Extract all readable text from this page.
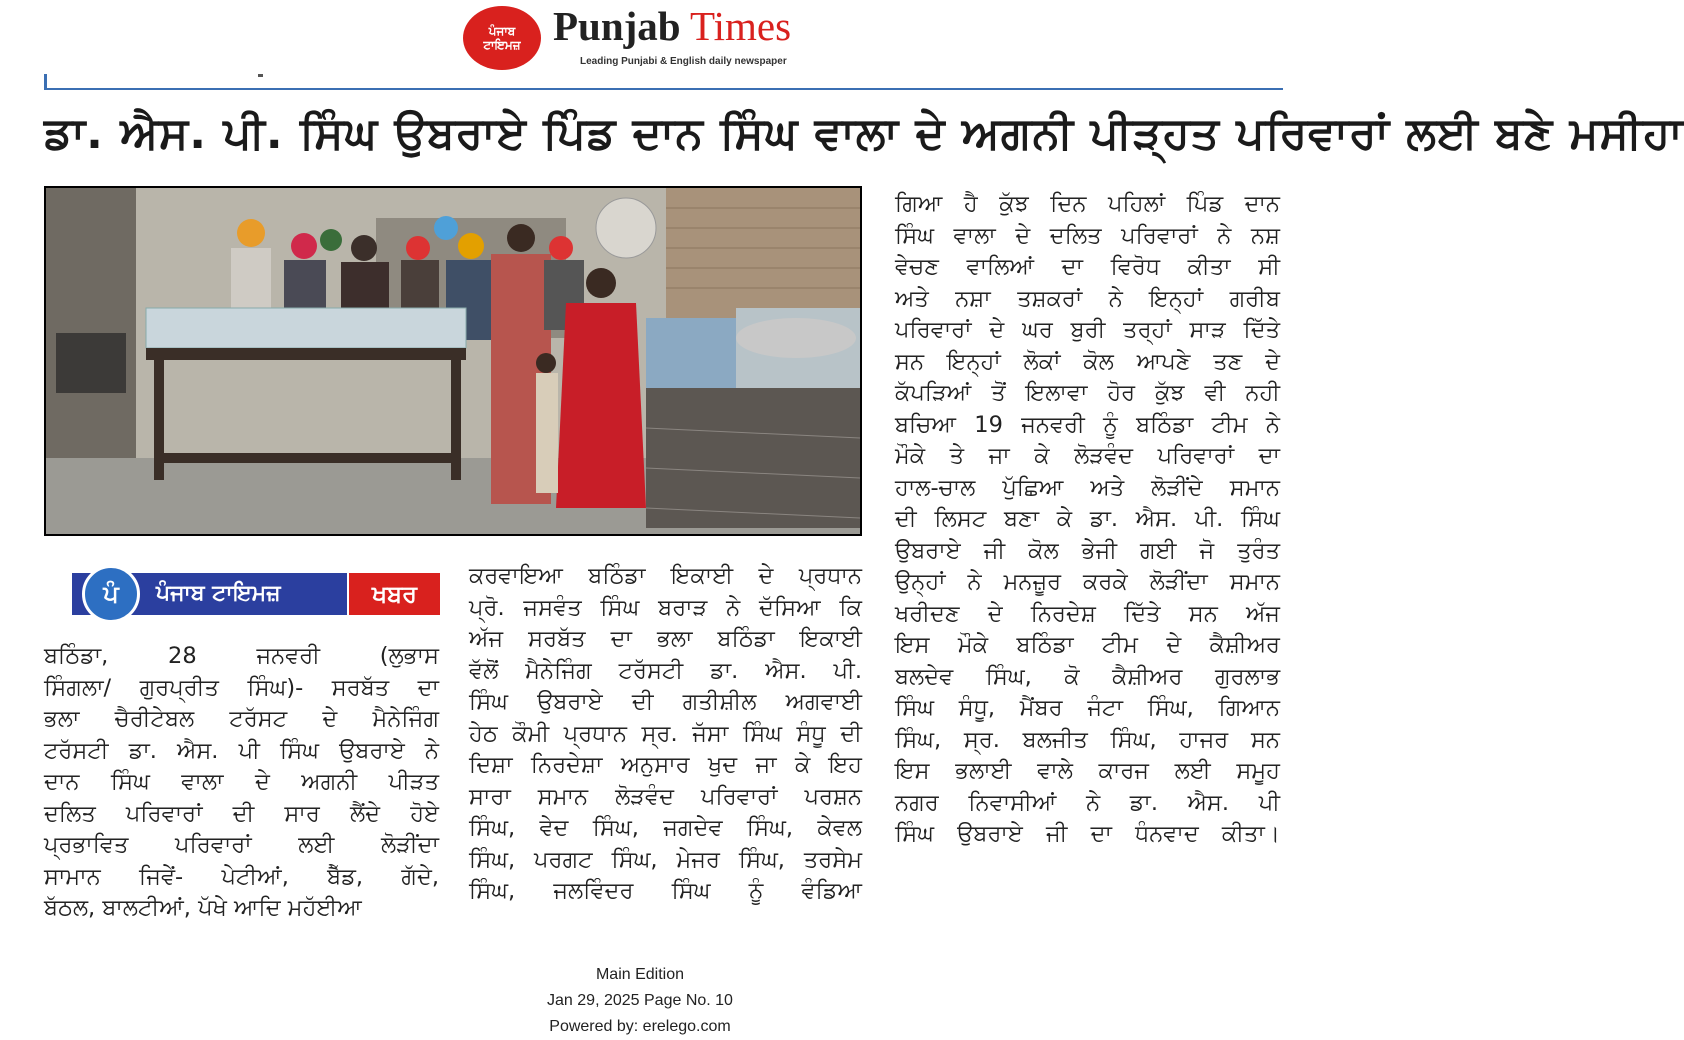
ਪੰਜਾਬ
ਟਾਇਮਜ਼ Punjab Times
Leading Punjabi & English daily newspaper
ਡਾ. ਐਸ. ਪੀ. ਸਿੰਘ ਉਬਰਾਏ ਪਿੰਡ ਦਾਨ ਸਿੰਘ ਵਾਲਾ ਦੇ ਅਗਨੀ ਪੀੜ੍ਹਤ ਪਰਿਵਾਰਾਂ ਲਈ ਬਣੇ ਮਸੀਹਾ
ਪੰ	ਪੰਜਾਬ ਟਾਇਮਜ਼	ਖਬਰ
ਬਠਿੰਡਾ, 28 ਜਨਵਰੀ (ਲੁਭਾਸ
ਸਿੰਗਲਾ/ ਗੁਰਪ੍ਰੀਤ ਸਿੰਘ)- ਸਰਬੱਤ ਦਾ
ਭਲਾ ਚੈਰੀਟੇਬਲ ਟਰੱਸਟ ਦੇ ਮੈਨੇਜਿੰਗ
ਟਰੱਸਟੀ ਡਾ. ਐਸ. ਪੀ ਸਿੰਘ ਉਬਰਾਏ ਨੇ
ਦਾਨ ਸਿੰਘ ਵਾਲਾ ਦੇ ਅਗਨੀ ਪੀੜਤ
ਦਲਿਤ ਪਰਿਵਾਰਾਂ ਦੀ ਸਾਰ ਲੈਂਦੇ ਹੋਏ
ਪ੍ਰਭਾਵਿਤ ਪਰਿਵਾਰਾਂ ਲਈ ਲੋੜੀਂਦਾ
ਸਾਮਾਨ ਜਿਵੇਂ- ਪੇਟੀਆਂ, ਬੈੱਡ, ਗੱਦੇ,
ਬੱਠਲ, ਬਾਲਟੀਆਂ, ਪੱਖੇ ਆਦਿ ਮਹੱਈਆ
ਕਰਵਾਇਆ ਬਠਿੰਡਾ ਇਕਾਈ ਦੇ ਪ੍ਰਧਾਨ
ਪ੍ਰੋ. ਜਸਵੰਤ ਸਿੰਘ ਬਰਾੜ ਨੇ ਦੱਸਿਆ ਕਿ
ਅੱਜ ਸਰਬੱਤ ਦਾ ਭਲਾ ਬਠਿੰਡਾ ਇਕਾਈ
ਵੱਲੋਂ ਮੈਨੇਜਿੰਗ ਟਰੱਸਟੀ ਡਾ. ਐਸ. ਪੀ.
ਸਿੰਘ ਉਬਰਾਏ ਦੀ ਗਤੀਸ਼ੀਲ ਅਗਵਾਈ
ਹੇਠ ਕੌਮੀ ਪ੍ਰਧਾਨ ਸ੍ਰ. ਜੱਸਾ ਸਿੰਘ ਸੰਧੂ ਦੀ
ਦਿਸ਼ਾ ਨਿਰਦੇਸ਼ਾ ਅਨੁਸਾਰ ਖੁਦ ਜਾ ਕੇ ਇਹ
ਸਾਰਾ ਸਮਾਨ ਲੋੜਵੰਦ ਪਰਿਵਾਰਾਂ ਪਰਸ਼ਨ
ਸਿੰਘ, ਵੇਦ ਸਿੰਘ, ਜਗਦੇਵ ਸਿੰਘ, ਕੇਵਲ
ਸਿੰਘ, ਪਰਗਟ ਸਿੰਘ, ਮੇਜਰ ਸਿੰਘ, ਤਰਸੇਮ
ਸਿੰਘ, ਜਲਵਿੰਦਰ ਸਿੰਘ ਨੂੰ ਵੰਡਿਆ
ਗਿਆ ਹੈ ਕੁੱਝ ਦਿਨ ਪਹਿਲਾਂ ਪਿੰਡ ਦਾਨ
ਸਿੰਘ ਵਾਲਾ ਦੇ ਦਲਿਤ ਪਰਿਵਾਰਾਂ ਨੇ ਨਸ਼
ਵੇਚਣ ਵਾਲਿਆਂ ਦਾ ਵਿਰੋਧ ਕੀਤਾ ਸੀ
ਅਤੇ ਨਸ਼ਾ ਤਸ਼ਕਰਾਂ ਨੇ ਇਨ੍ਹਾਂ ਗਰੀਬ
ਪਰਿਵਾਰਾਂ ਦੇ ਘਰ ਬੁਰੀ ਤਰ੍ਹਾਂ ਸਾੜ ਦਿੱਤੇ
ਸਨ ਇਨ੍ਹਾਂ ਲੋਕਾਂ ਕੋਲ ਆਪਣੇ ਤਣ ਦੇ
ਕੱਪੜਿਆਂ ਤੋਂ ਇਲਾਵਾ ਹੋਰ ਕੁੱਝ ਵੀ ਨਹੀ
ਬਚਿਆ 19 ਜਨਵਰੀ ਨੂੰ ਬਠਿੰਡਾ ਟੀਮ ਨੇ
ਮੌਕੇ ਤੇ ਜਾ ਕੇ ਲੋੜਵੰਦ ਪਰਿਵਾਰਾਂ ਦਾ
ਹਾਲ-ਚਾਲ ਪੁੱਛਿਆ ਅਤੇ ਲੋੜੀਂਦੇ ਸਮਾਨ
ਦੀ ਲਿਸਟ ਬਣਾ ਕੇ ਡਾ. ਐਸ. ਪੀ. ਸਿੰਘ
ਉਬਰਾਏ ਜੀ ਕੋਲ ਭੇਜੀ ਗਈ ਜੋ ਤੁਰੰਤ
ਉਨ੍ਹਾਂ ਨੇ ਮਨਜ਼ੂਰ ਕਰਕੇ ਲੋੜੀਂਦਾ ਸਮਾਨ
ਖਰੀਦਣ ਦੇ ਨਿਰਦੇਸ਼ ਦਿੱਤੇ ਸਨ ਅੱਜ
ਇਸ ਮੌਕੇ ਬਠਿੰਡਾ ਟੀਮ ਦੇ ਕੈਸ਼ੀਅਰ
ਬਲਦੇਵ ਸਿੰਘ, ਕੋ ਕੈਸ਼ੀਅਰ ਗੁਰਲਾਭ
ਸਿੰਘ ਸੰਧੂ, ਮੈਂਬਰ ਜੰਟਾ ਸਿੰਘ, ਗਿਆਨ
ਸਿੰਘ, ਸ੍ਰ. ਬਲਜੀਤ ਸਿੰਘ, ਹਾਜਰ ਸਨ
ਇਸ ਭਲਾਈ ਵਾਲੇ ਕਾਰਜ ਲਈ ਸਮੂਹ
ਨਗਰ ਨਿਵਾਸੀਆਂ ਨੇ ਡਾ. ਐਸ. ਪੀ
ਸਿੰਘ ਉਬਰਾਏ ਜੀ ਦਾ ਧੰਨਵਾਦ ਕੀਤਾ।
Main Edition
Jan 29, 2025 Page No. 10
Powered by: erelego.com
